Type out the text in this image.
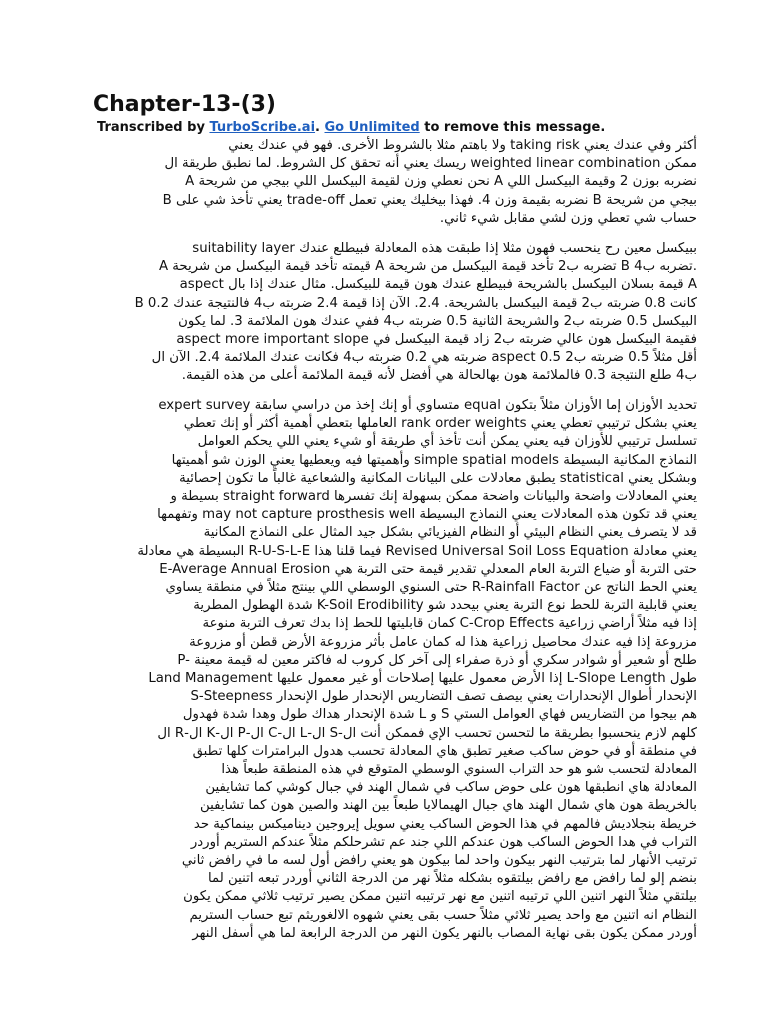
Chapter-13-(3)
Transcribed by TurboScribe.ai. Go Unlimited to remove this message.
أكثر وفي عندك يعني taking risk ولا باهتم مثلا بالشروط الأخرى. فهو في عندك يعني
ممكن weighted linear combination ريسك يعني أنه تحقق كل الشروط. لما نطبق طريقة ال
A نحن نعطي وزن لقيمة البيكسل اللي بيجي من شريحة A نضربه بوزن 2 وقيمة البيكسل اللي
B يعني تأخذ شي على trade-off نضربه بقيمة وزن 4. فهذا بيخليك يعني تعمل B بيجي من شريحة
حساب شي تعطي وزن لشي مقابل شيء ثاني.
suitability layer ببيكسل معين رح ينحسب فهون مثلا إذا طبقت هذه المعادلة فبيطلع عندك
A قيمته تأخد قيمة البيكسل من شريحة A تضربه ب2 تأخد قيمة البيكسل من شريحة B تضربه ب4.
aspect قيمة بسلان البيكسل بالشريحة فبيطلع عندك هون قيمة للبيكسل. مثال عندك إذا بال A
B 0.2 كانت 0.8 ضربته ب2 قيمة البيكسل بالشريحة. 2.4. الآن إذا قيمة 2.4 ضربته ب4 فالنتيجة عندك
البيكسل 0.5 ضربته ب2 والشريحة الثانية 0.5 ضربته ب4 ففي عندك هون الملائمة 3. لما يكون
aspect more important slope فقيمة البيكسل هون عالي ضربته ب2 زاد قيمة البيكسل في
أقل مثلاً 0.5 ضربته ب2 aspect 0.5 ضربته هي 0.2 ضربته ب4 فكانت عندك الملائمة 2.4. الآن ال
ب4 طلع النتيجة 0.3 فالملائمة هون بهالحالة هي أفضل لأنه قيمة الملائمة أعلى من هذه القيمة.
expert survey متساوي أو إنك إخذ من دراسي سابقة equal تحديد الأوزان إما الأوزان مثلاً بتكون
يعني بشكل ترتيبي تعطي يعني rank order weights العاملها بتعطي أهمية أكثر أو إنك تعطي
تسلسل ترتيبي للأوزان فيه يعني يمكن أنت تأخذ أي طريقة أو شيء يعني اللي يحكم العوامل
النماذج المكانية البسيطة simple spatial models وأهميتها فيه ويعطيها يعني الوزن شو أهميتها
وبشكل يعني statistical يطبق معادلات على البيانات المكانية والشعاعية غالباً ما تكون إحصائية
يعني المعادلات واضحة والبيانات واضحة ممكن بسهولة إنك تفسرها straight forward بسيطة و
يعني قد تكون هذه المعادلات يعني النماذج البسيطة may not capture prosthesis well وتفهمها
قد لا يتصرف يعني النظام البيئي أو النظام الفيزيائي بشكل جيد المثال على النماذج المكانية
يعني معادلة Revised Universal Soil Loss Equation فيما قلنا هذا R-U-S-L-E البسيطة هي معادلة
E-Average Annual Erosion حتى التربة أو ضياع التربة العام المعدلي تقدير قيمة حتى التربة هي
يعني الحط الناتج عن R-Rainfall Factor حتى السنوي الوسطي اللي بينتج مثلاً في منطقة يساوي
يعني قابلية التربة للحط نوع التربة يعني بيحدد شو K-Soil Erodibility شدة الهطول المطرية
إذا فيه مثلاً أراضي زراعية C-Crop Effects كمان قابليتها للحط إذا بدك تعرف التربة منوعة
مزروعة إذا فيه عندك محاصيل زراعية هذا له كمان عامل بأثر مزروعة الأرض قطن أو مزروعة
P- طلح أو شعير أو شوادر سكري أو ذرة صفراء إلى آخر كل كروب له فاكتر معين له قيمة معينة
Land Management إذا الأرض معمول عليها إصلاحات أو غير معمول عليها L-Slope Length طول
S-Steepness الإنحدار أطوال الإنحدارات يعني بيصف تصف التضاريس الإنحدار طول الإنحدار
هم بيجوا من التضاريس فهاي العوامل الستي S و L شدة الإنحدار هداك طول وهدا شدة فهدول
كلهم لازم ينحسبوا بطريقة ما لتحسن تحسب الإي فممكن أنت ال-S ال-L ال-C ال-P ال-K ال-R ال
في منطقة أو في حوض ساكب صغير تطبق هاي المعادلة تحسب هدول البرامترات كلها تطبق
المعادلة لتحسب شو هو حد التراب السنوي الوسطي المتوقع في هذه المنطقة طبعاً هذا
المعادلة هاي انطبقها هون على حوض ساكب في شمال الهند في جبال كوشي كما تشايفين
بالخريطة هون هاي شمال الهند هاي جبال الهيمالايا طبعاً بين الهند والصين هون كما تشايفين
خريطة بنجلاديش فالمهم في هذا الحوض الساكب يعني سويل إيروجين ديناميكس بينماكية حد
التراب في هدا الحوض الساكب هون عندكم اللي جند عم تشرحلكم مثلاً عندكم الستريم أوردر
ترتيب الأنهار لما بترتيب النهر بيكون واحد لما بيكون هو يعني رافض أول لسه ما في رافض ثاني
بنضم إلو لما رافض مع رافض بيلتقوه بشكله مثلاً نهر من الدرجة الثاني أوردر تبعه اتنين لما
بيلتقي مثلاً النهر اتنين اللي ترتيبه اتنين مع نهر ترتيبه اتنين ممكن يصير ترتيب ثلاثي ممكن يكون
النظام انه اتنين مع واحد يصير ثلاثي مثلاً حسب بقى يعني شهوه الالغوريثم تبع حساب الستريم
أوردر ممكن يكون بقى نهاية المصاب بالنهر يكون النهر من الدرجة الرابعة لما هي أسفل النهر
